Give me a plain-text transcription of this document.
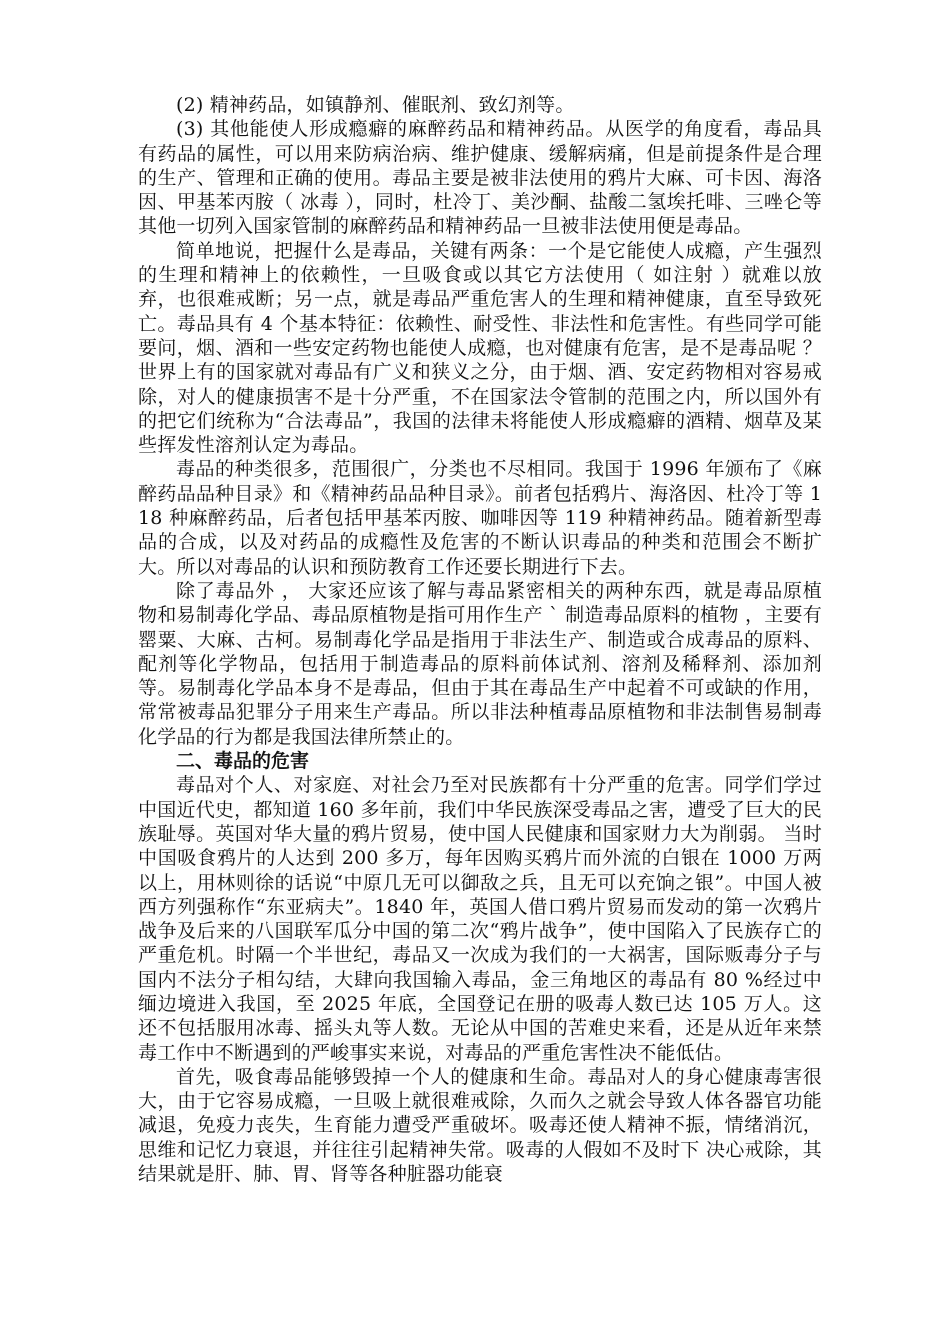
(2) 精神药品，如镇静剂、催眠剂、致幻剂等。

(3) 其他能使人形成瘾癖的麻醉药品和精神药品。从医学的角度看，毒品具有药品的属性，可以用来防病治病、维护健康、缓解病痛，但是前提条件是合理的生产、管理和正确的使用。毒品主要是被非法使用的鸦片大麻、可卡因、海洛因、甲基苯丙胺（ 冰毒 ），同时，杜冷丁、美沙酮、盐酸二氢埃托啡、三唑仑等其他一切列入国家管制的麻醉药品和精神药品一旦被非法使用便是毒品。

简单地说，把握什么是毒品，关键有两条：一个是它能使人成瘾，产生强烈的生理和精神上的依赖性，一旦吸食或以其它方法使用（ 如注射 ）就难以放弃，也很难戒断；另一点，就是毒品严重危害人的生理和精神健康，直至导致死亡。毒品具有 4 个基本特征：依赖性、耐受性、非法性和危害性。有些同学可能要问，烟、酒和一些安定药物也能使人成瘾，也对健康有危害，是不是毒品呢 ？ 世界上有的国家就对毒品有广义和狭义之分，由于烟、酒、安定药物相对容易戒除，对人的健康损害不是十分严重，不在国家法令管制的范围之内，所以国外有的把它们统称为“合法毒品”，我国的法律未将能使人形成瘾癖的酒精、烟草及某些挥发性溶剂认定为毒品。

毒品的种类很多，范围很广，分类也不尽相同。我国于 1996 年颁布了《麻醉药品品种目录》和《精神药品品种目录》。前者包括鸦片、海洛因、杜冷丁等 118 种麻醉药品，后者包括甲基苯丙胺、咖啡因等 119 种精神药品。随着新型毒品的合成，以及对药品的成瘾性及危害的不断认识毒品的种类和范围会不断扩大。所以对毒品的认识和预防教育工作还要长期进行下去。

除了毒品外 ， 大家还应该了解与毒品紧密相关的两种东西，就是毒品原植物和易制毒化学品、毒品原植物是指可用作生产 ` 制造毒品原料的植物 ，主要有罂粟、大麻、古柯。易制毒化学品是指用于非法生产、制造或合成毒品的原料、配剂等化学物品，包括用于制造毒品的原料前体试剂、溶剂及稀释剂、添加剂等。易制毒化学品本身不是毒品，但由于其在毒品生产中起着不可或缺的作用，常常被毒品犯罪分子用来生产毒品。所以非法种植毒品原植物和非法制售易制毒化学品的行为都是我国法律所禁止的。

二、毒品的危害

毒品对个人、对家庭、对社会乃至对民族都有十分严重的危害。同学们学过中国近代史，都知道 160 多年前，我们中华民族深受毒品之害，遭受了巨大的民族耻辱。英国对华大量的鸦片贸易，使中国人民健康和国家财力大为削弱。 当时中国吸食鸦片的人达到 200 多万，每年因购买鸦片而外流的白银在 1000 万两以上，用林则徐的话说“中原几无可以御敌之兵，且无可以充饷之银”。中国人被西方列强称作“东亚病夫”。1840 年，英国人借口鸦片贸易而发动的第一次鸦片战争及后来的八国联军瓜分中国的第二次“鸦片战争”，使中国陷入了民族存亡的严重危机。时隔一个半世纪，毒品又一次成为我们的一大祸害，国际贩毒分子与国内不法分子相勾结，大肆向我国输入毒品，金三角地区的毒品有 80 %经过中缅边境进入我国，至 2025 年底，全国登记在册的吸毒人数已达 105 万人。这还不包括服用冰毒、摇头丸等人数。无论从中国的苦难史来看，还是从近年来禁毒工作中不断遇到的严峻事实来说，对毒品的严重危害性决不能低估。

首先，吸食毒品能够毁掉一个人的健康和生命。毒品对人的身心健康毒害很大，由于它容易成瘾，一旦吸上就很难戒除，久而久之就会导致人体各器官功能减退，免疫力丧失，生育能力遭受严重破坏。吸毒还使人精神不振，情绪消沉，思维和记忆力衰退，并往往引起精神失常。吸毒的人假如不及时下 决心戒除，其结果就是肝、肺、胃、肾等各种脏器功能衰
